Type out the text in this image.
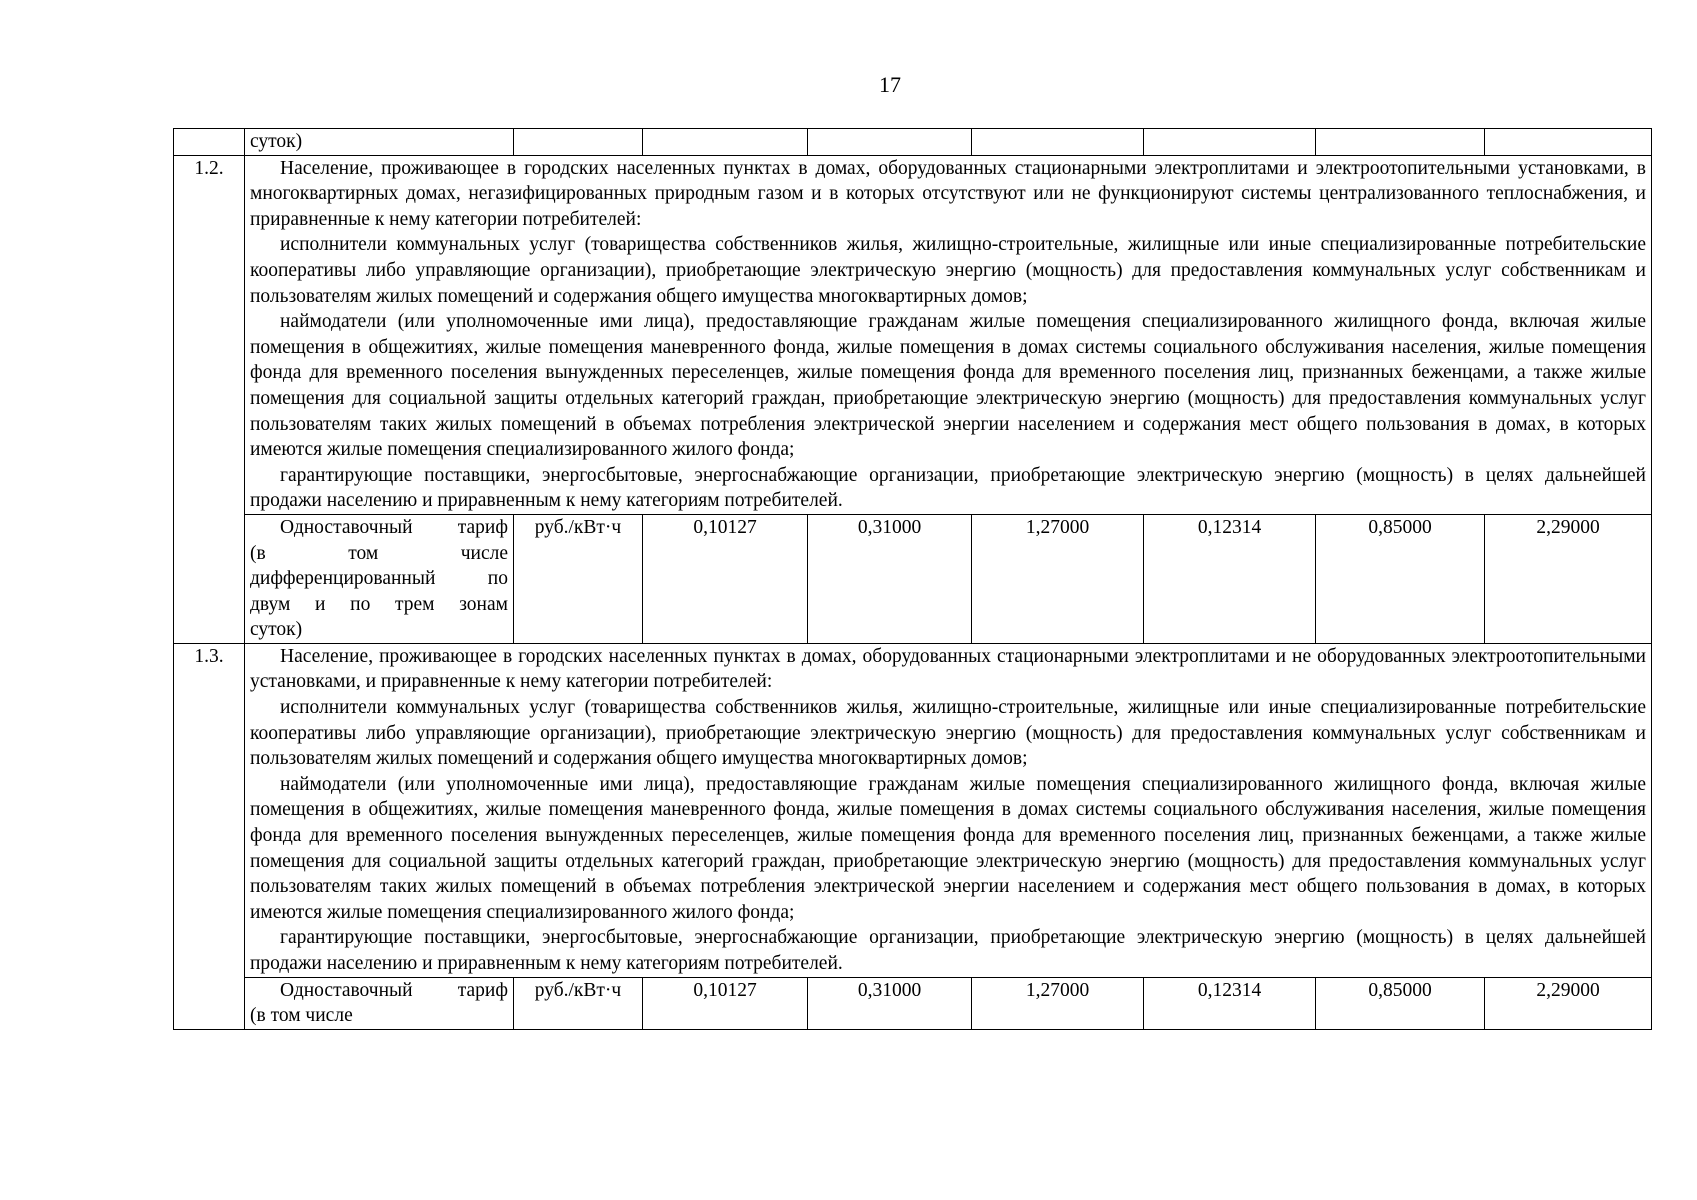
17
	суток)							
1.2.	Население, проживающее в городских населенных пунктах в домах, оборудованных стационарными электроплитами и электроотопительными установками, в многоквартирных домах, негазифицированных природным газом и в которых отсутствуют или не функционируют системы централизованного теплоснабжения, и приравненные к нему категории потребителей:

исполнители коммунальных услуг (товарищества собственников жилья, жилищно-строительные, жилищные или иные специализированные потребительские кооперативы либо управляющие организации), приобретающие электрическую энергию (мощность) для предоставления коммунальных услуг собственникам и пользователям жилых помещений и содержания общего имущества многоквартирных домов;

наймодатели (или уполномоченные ими лица), предоставляющие гражданам жилые помещения специализированного жилищного фонда, включая жилые помещения в общежитиях, жилые помещения маневренного фонда, жилые помещения в домах системы социального обслуживания населения, жилые помещения фонда для временного поселения вынужденных переселенцев, жилые помещения фонда для временного поселения лиц, признанных беженцами, а также жилые помещения для социальной защиты отдельных категорий граждан, приобретающие электрическую энергию (мощность) для предоставления коммунальных услуг пользователям таких жилых помещений в объемах потребления электрической энергии населением и содержания мест общего пользования в домах, в которых имеются жилые помещения специализированного жилого фонда;

гарантирующие поставщики, энергосбытовые, энергоснабжающие организации, приобретающие электрическую энергию (мощность) в целях дальнейшей продажи населению и приравненным к нему категориям потребителей.							

	Одноставочный тариф
(в том числе
дифференцированный по
двум и по трем зонам
суток)	руб./кВт·ч	0,10127	0,31000	1,27000	0,12314	0,85000	2,29000
1.3.	Население, проживающее в городских населенных пунктах в домах, оборудованных стационарными электроплитами и не оборудованных электроотопительными установками, и приравненные к нему категории потребителей:

исполнители коммунальных услуг (товарищества собственников жилья, жилищно-строительные, жилищные или иные специализированные потребительские кооперативы либо управляющие организации), приобретающие электрическую энергию (мощность) для предоставления коммунальных услуг собственникам и пользователям жилых помещений и содержания общего имущества многоквартирных домов;

наймодатели (или уполномоченные ими лица), предоставляющие гражданам жилые помещения специализированного жилищного фонда, включая жилые помещения в общежитиях, жилые помещения маневренного фонда, жилые помещения в домах системы социального обслуживания населения, жилые помещения фонда для временного поселения вынужденных переселенцев, жилые помещения фонда для временного поселения лиц, признанных беженцами, а также жилые помещения для социальной защиты отдельных категорий граждан, приобретающие электрическую энергию (мощность) для предоставления коммунальных услуг пользователям таких жилых помещений в объемах потребления электрической энергии населением и содержания мест общего пользования в домах, в которых имеются жилые помещения специализированного жилого фонда;

гарантирующие поставщики, энергосбытовые, энергоснабжающие организации, приобретающие электрическую энергию (мощность) в целях дальнейшей продажи населению и приравненным к нему категориям потребителей.							

	Одноставочный тариф
(в том числе	руб./кВт·ч	0,10127	0,31000	1,27000	0,12314	0,85000	2,29000
